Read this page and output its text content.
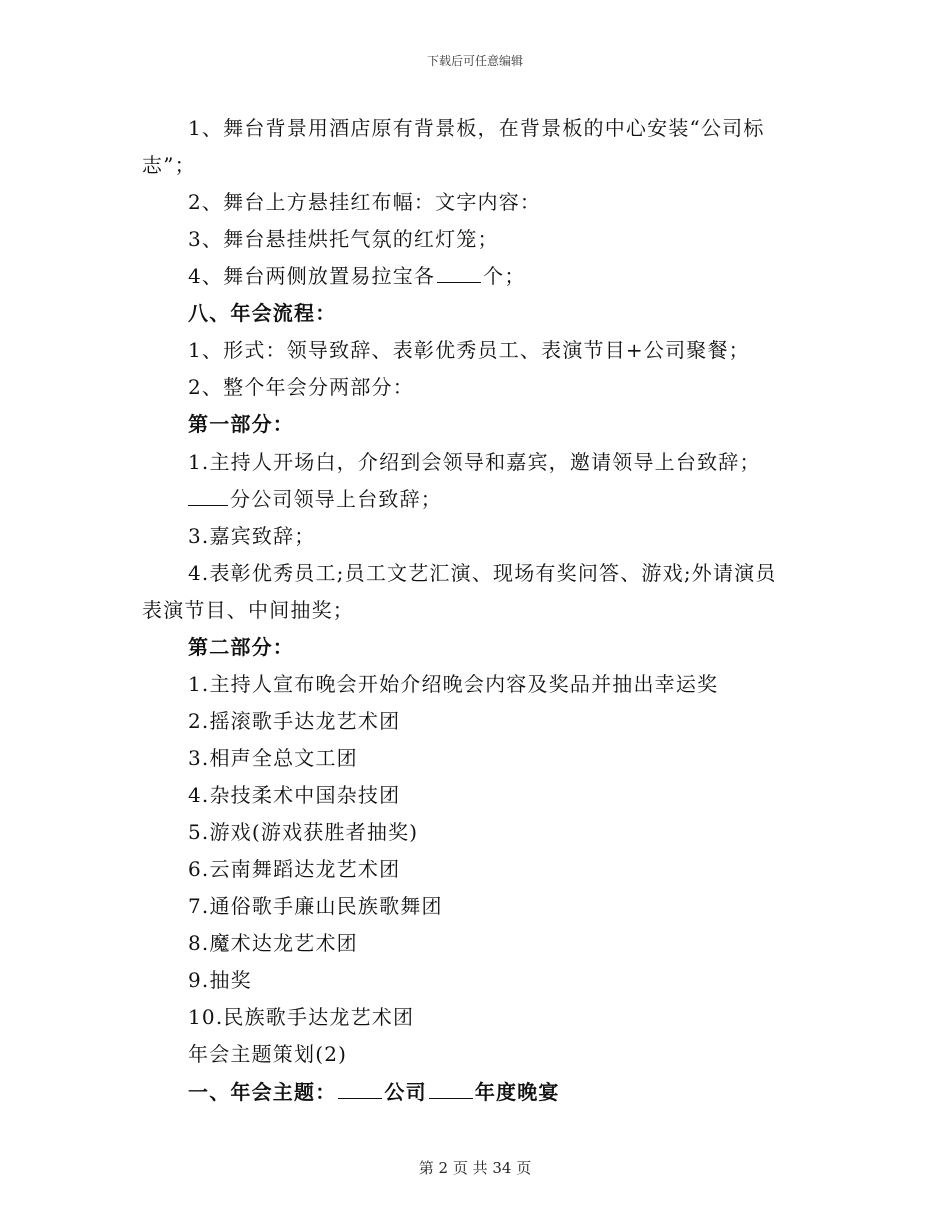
下载后可任意编辑
1、舞台背景用酒店原有背景板，在背景板的中心安装“公司标
志”；
2、舞台上方悬挂红布幅：文字内容：
3、舞台悬挂烘托气氛的红灯笼；
4、舞台两侧放置易拉宝各 个；
八、年会流程：
1、形式：领导致辞、表彰优秀员工、表演节目+公司聚餐；
2、整个年会分两部分：
第一部分：
1.主持人开场白，介绍到会领导和嘉宾，邀请领导上台致辞；
分公司领导上台致辞；
3.嘉宾致辞；
4.表彰优秀员工;员工文艺汇演、现场有奖问答、游戏;外请演员
表演节目、中间抽奖；
第二部分：
1.主持人宣布晚会开始介绍晚会内容及奖品并抽出幸运奖
2.摇滚歌手达龙艺术团
3.相声全总文工团
4.杂技柔术中国杂技团
5.游戏(游戏获胜者抽奖)
6.云南舞蹈达龙艺术团
7.通俗歌手廉山民族歌舞团
8.魔术达龙艺术团
9.抽奖
10.民族歌手达龙艺术团
年会主题策划(2)
一、年会主题： 公司 年度晚宴
第 2 页 共 34 页
